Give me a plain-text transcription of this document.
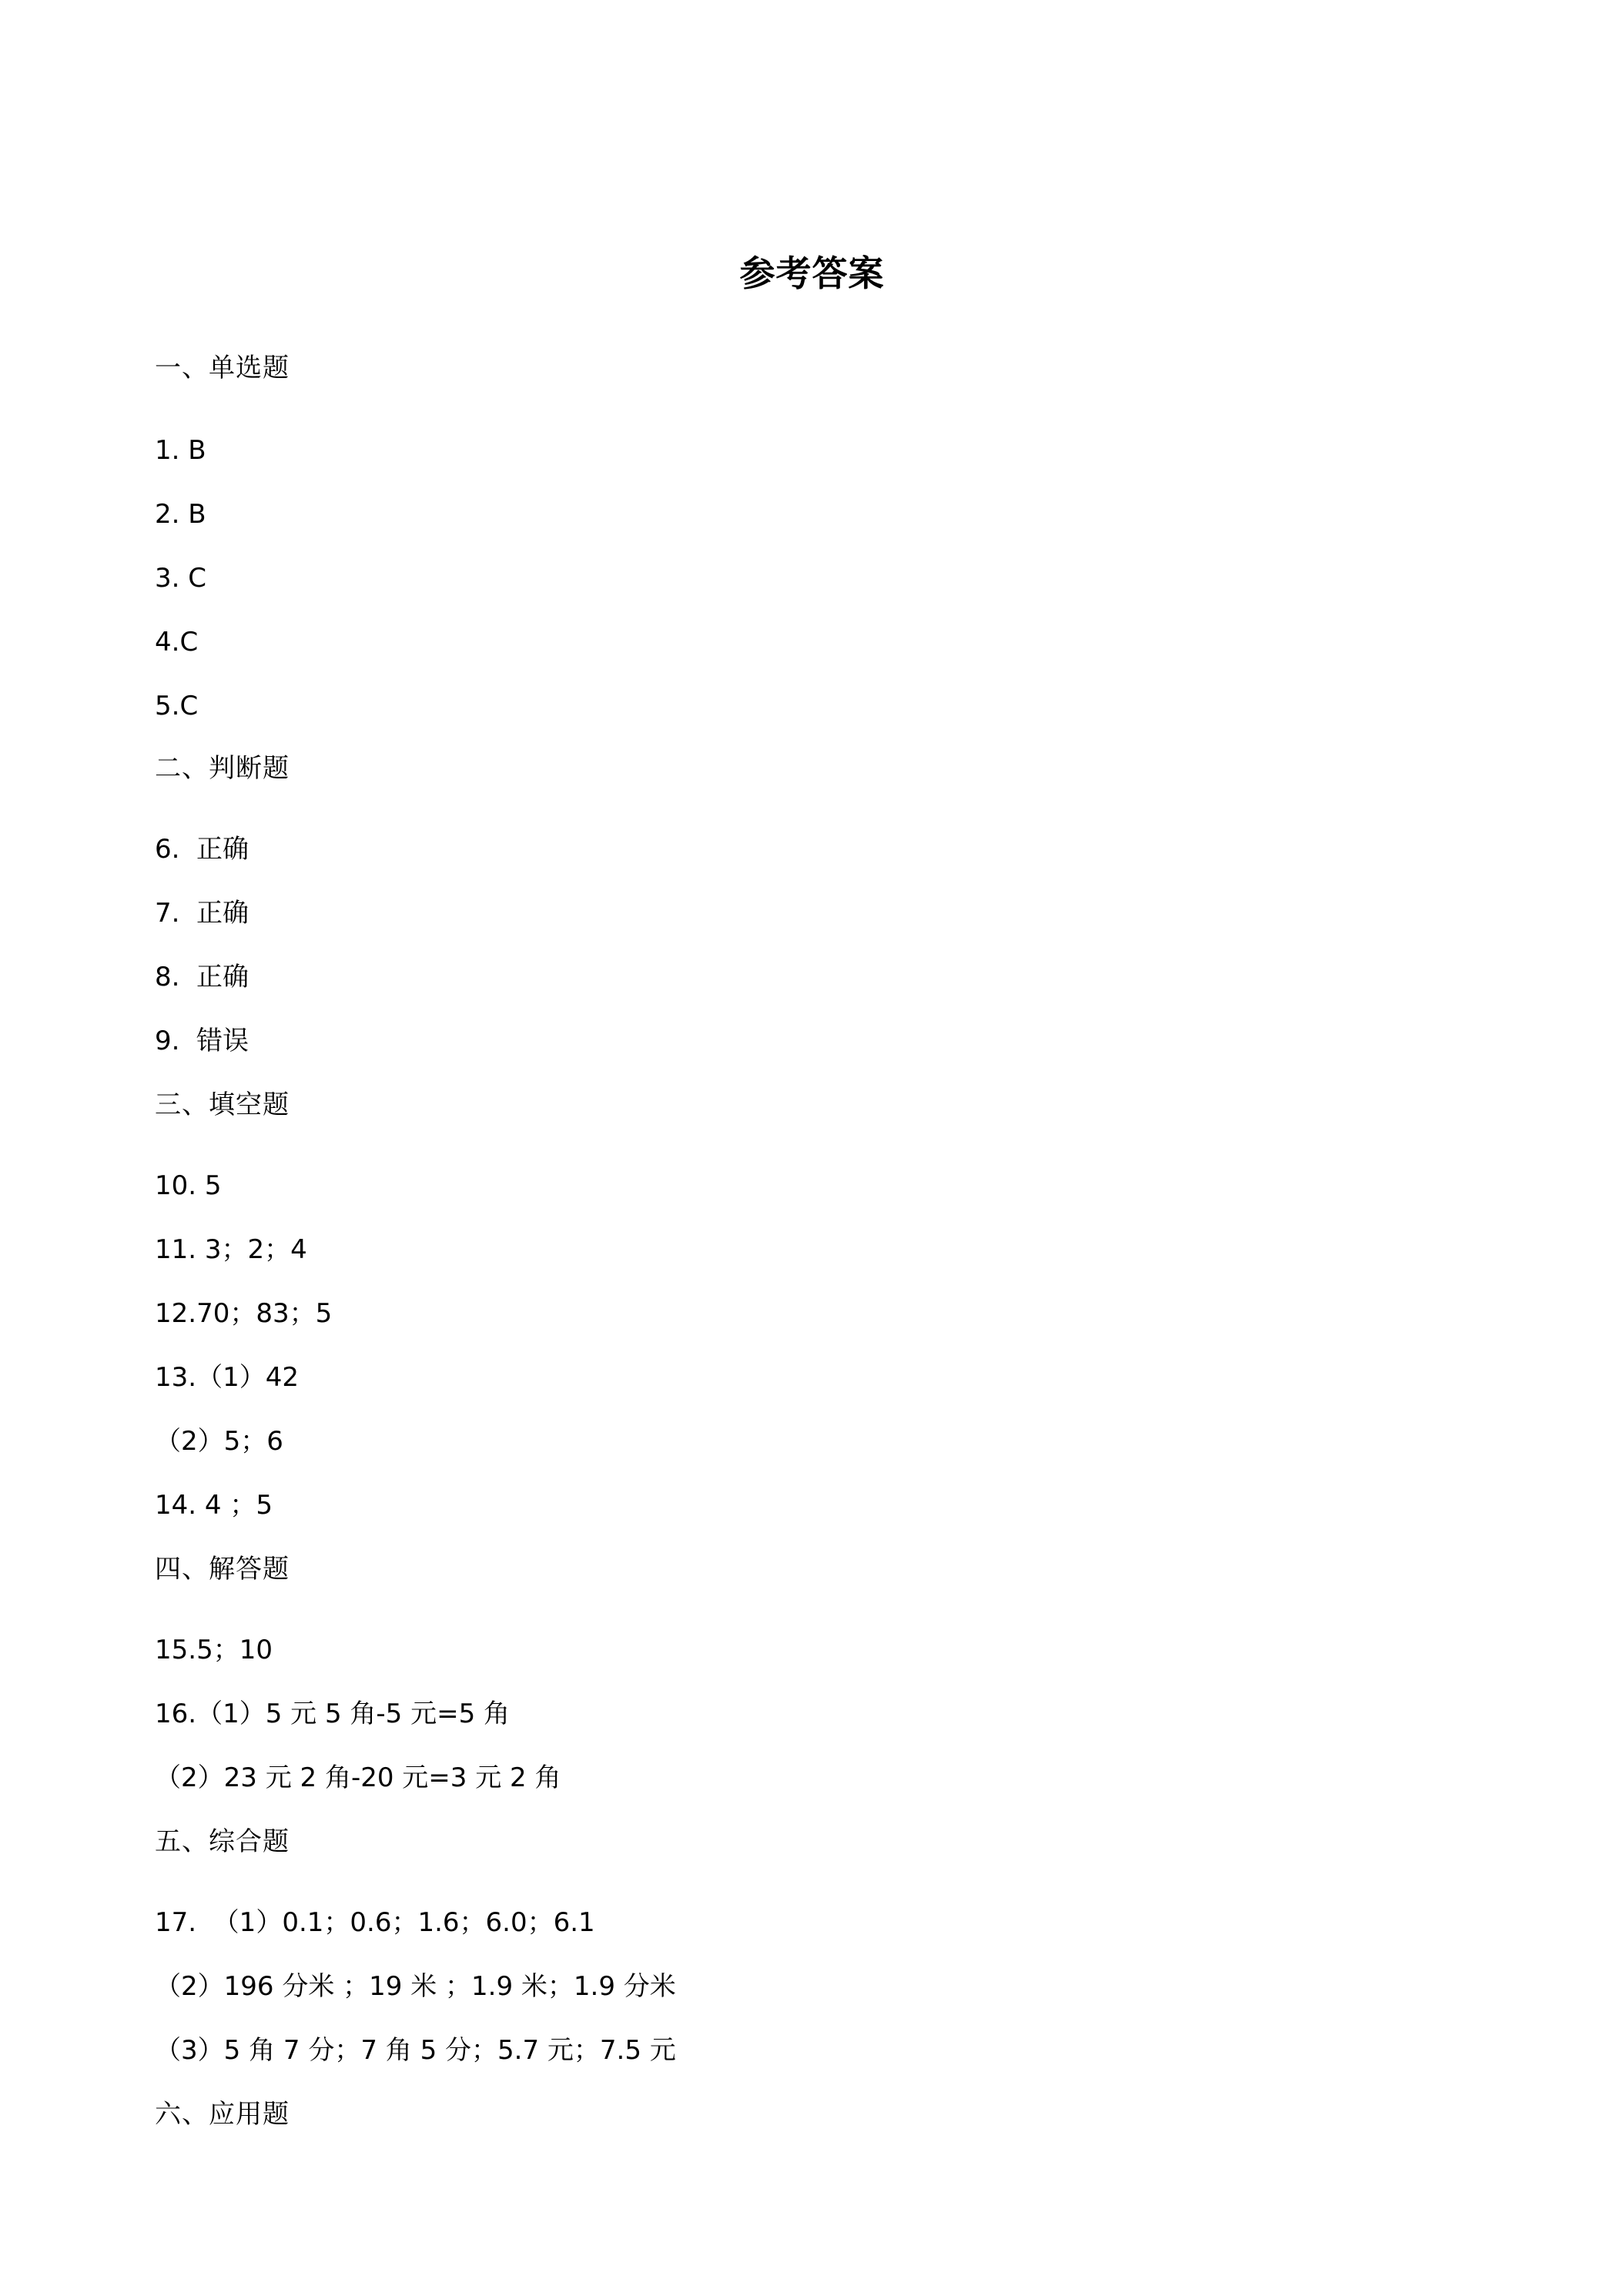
参考答案
一、单选题
1. B
2. B
3. C
4.C
5.C
二、判断题
6.  正确
7.  正确
8.  正确
9.  错误
三、填空题
10. 5
11. 3；2；4
12.70；83；5
13.（1）42
（2）5；6
14. 4 ；5
四、解答题
15.5；10
16.（1）5 元 5 角-5 元=5 角
（2）23 元 2 角-20 元=3 元 2 角
五、综合题
17.  （1）0.1；0.6；1.6；6.0；6.1
（2）196 分米 ；19 米 ；1.9 米；1.9 分米
（3）5 角 7 分；7 角 5 分；5.7 元；7.5 元
六、应用题
